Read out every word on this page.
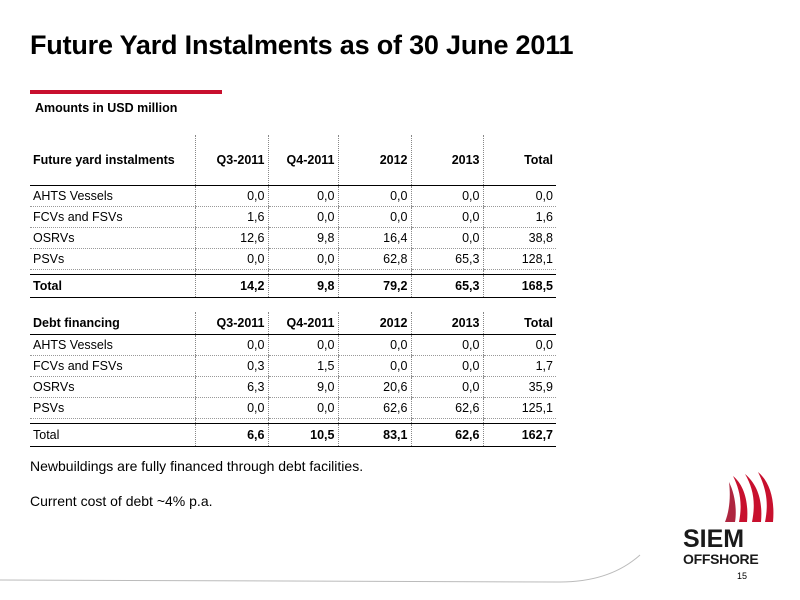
Future Yard Instalments as of 30 June 2011
Amounts in USD million
Future yard instalments	Q3-2011	Q4-2011	2012	2013	Total
AHTS Vessels	0,0	0,0	0,0	0,0	0,0
FCVs and FSVs	1,6	0,0	0,0	0,0	1,6
OSRVs	12,6	9,8	16,4	0,0	38,8
PSVs	0,0	0,0	62,8	65,3	128,1

Total	14,2	9,8	79,2	65,3	168,5
Debt financing	Q3-2011	Q4-2011	2012	2013	Total
AHTS Vessels	0,0	0,0	0,0	0,0	0,0
FCVs and FSVs	0,3	1,5	0,0	0,0	1,7
OSRVs	6,3	9,0	20,6	0,0	35,9
PSVs	0,0	0,0	62,6	62,6	125,1

Total	6,6	10,5	83,1	62,6	162,7
Newbuildings are fully financed through debt facilities.
Current cost of debt ~4% p.a.
SIEM
OFFSHORE
15
